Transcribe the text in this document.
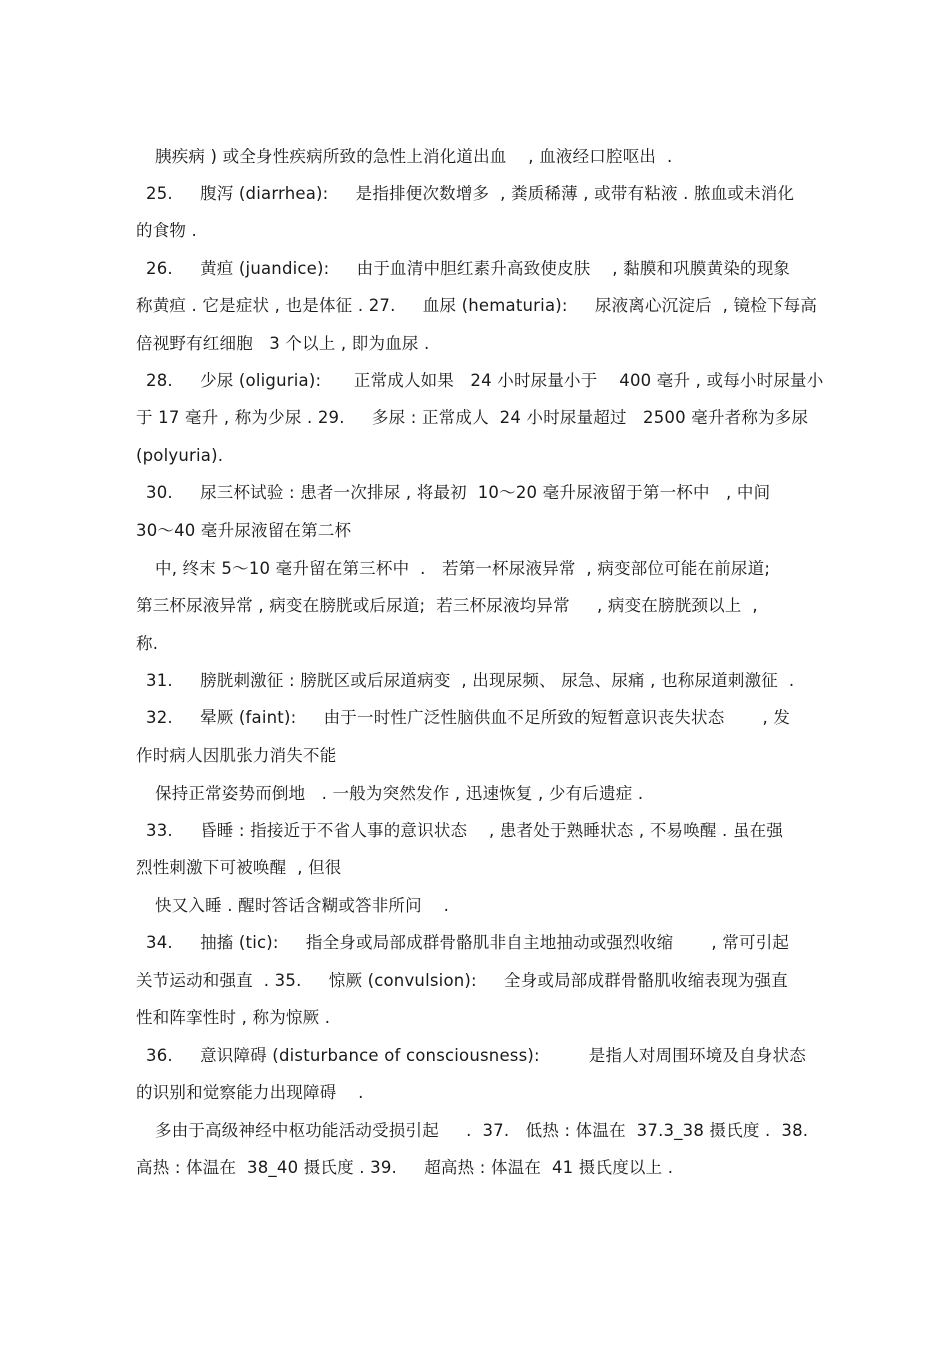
胰疾病 ) 或全身性疾病所致的急性上消化道出血    , 血液经口腔呕出  .
25.     腹泻 (diarrhea):     是指排便次数增多  , 粪质稀薄 , 或带有粘液 . 脓血或未消化
的食物 .
26.     黄疸 (juandice):     由于血清中胆红素升高致使皮肤    , 黏膜和巩膜黄染的现象
称黄疸 . 它是症状 , 也是体征 . 27.     血尿 (hematuria):     尿液离心沉淀后  , 镜检下每高
倍视野有红细胞   3 个以上 , 即为血尿 .
28.     少尿 (oliguria):      正常成人如果   24 小时尿量小于    400 毫升 , 或每小时尿量小
于 17 毫升 , 称为少尿 . 29.     多尿 : 正常成人  24 小时尿量超过   2500 毫升者称为多尿
(polyuria).
30.     尿三杯试验 : 患者一次排尿 , 将最初  10～20 毫升尿液留于第一杯中   , 中间
30～40 毫升尿液留在第二杯
中, 终末 5～10 毫升留在第三杯中  .   若第一杯尿液异常  , 病变部位可能在前尿道;
第三杯尿液异常 , 病变在膀胱或后尿道;  若三杯尿液均异常     , 病变在膀胱颈以上  ,
称.
31.     膀胱刺激征 : 膀胱区或后尿道病变  , 出现尿频、 尿急、尿痛 , 也称尿道刺激征  .
32.     晕厥 (faint):     由于一时性广泛性脑供血不足所致的短暂意识丧失状态       , 发
作时病人因肌张力消失不能
保持正常姿势而倒地   . 一般为突然发作 , 迅速恢复 , 少有后遗症 .
33.     昏睡 : 指接近于不省人事的意识状态    , 患者处于熟睡状态 , 不易唤醒 . 虽在强
烈性刺激下可被唤醒  , 但很
快又入睡 . 醒时答话含糊或答非所问    .
34.     抽搐 (tic):     指全身或局部成群骨骼肌非自主地抽动或强烈收缩       , 常可引起
关节运动和强直  . 35.     惊厥 (convulsion):     全身或局部成群骨骼肌收缩表现为强直
性和阵挛性时 , 称为惊厥 .
36.     意识障碍 (disturbance of consciousness):         是指人对周围环境及自身状态
的识别和觉察能力出现障碍    .
多由于高级神经中枢功能活动受损引起     .  37.   低热 : 体温在  37.3_38 摄氏度 .  38.
高热 : 体温在  38_40 摄氏度 . 39.     超高热 : 体温在  41 摄氏度以上 .
